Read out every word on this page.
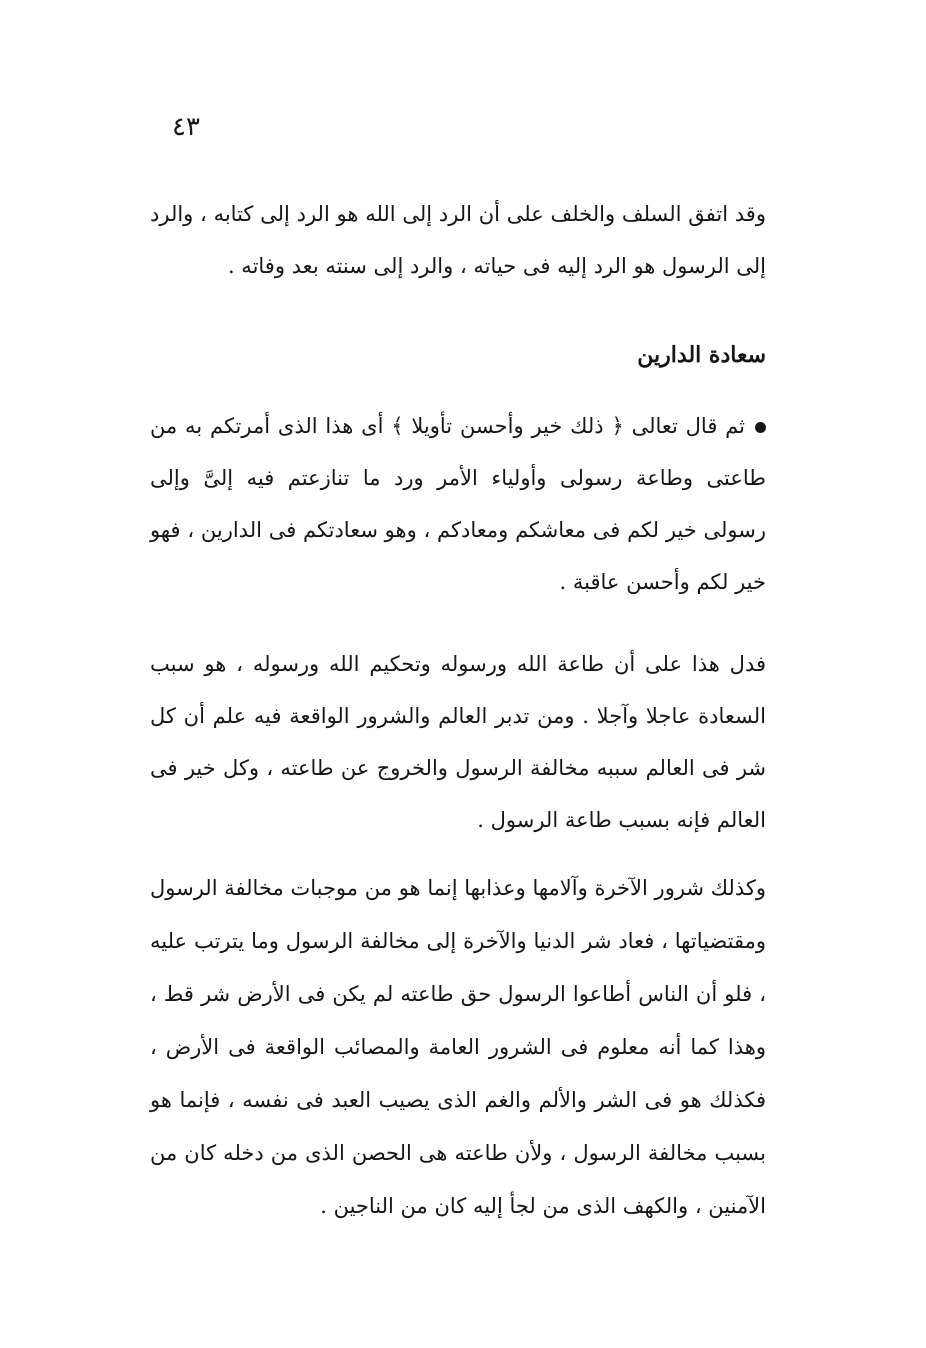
٤٣

وقد اتفق السلف والخلف على أن الرد إلى الله هو الرد إلى كتابه ، والرد إلى الرسول هو الرد إليه فى حياته ، والرد إلى سنته بعد وفاته .

سعادة الدارين

ثم قال تعالى ﴿ ذلك خير وأحسن تأويلا ﴾ أى هذا الذى أمرتكم به من طاعتى وطاعة رسولى وأولياء الأمر ورد ما تنازعتم فيه إلىَّ وإلى رسولى خير لكم فى معاشكم ومعادكم ، وهو سعادتكم فى الدارين ، فهو خير لكم وأحسن عاقبة .

فدل هذا على أن طاعة الله ورسوله وتحكيم الله ورسوله ، هو سبب السعادة عاجلا وآجلا . ومن تدبر العالم والشرور الواقعة فيه علم أن كل شر فى العالم سببه مخالفة الرسول والخروج عن طاعته ، وكل خير فى العالم فإنه بسبب طاعة الرسول .

وكذلك شرور الآخرة وآلامها وعذابها إنما هو من موجبات مخالفة الرسول ومقتضياتها ، فعاد شر الدنيا والآخرة إلى مخالفة الرسول وما يترتب عليه ، فلو أن الناس أطاعوا الرسول حق طاعته لم يكن فى الأرض شر قط ، وهذا كما أنه معلوم فى الشرور العامة والمصائب الواقعة فى الأرض ، فكذلك هو فى الشر والألم والغم الذى يصيب العبد فى نفسه ، فإنما هو بسبب مخالفة الرسول ، ولأن طاعته هى الحصن الذى من دخله كان من الآمنين ، والكهف الذى من لجأ إليه كان من الناجين .
